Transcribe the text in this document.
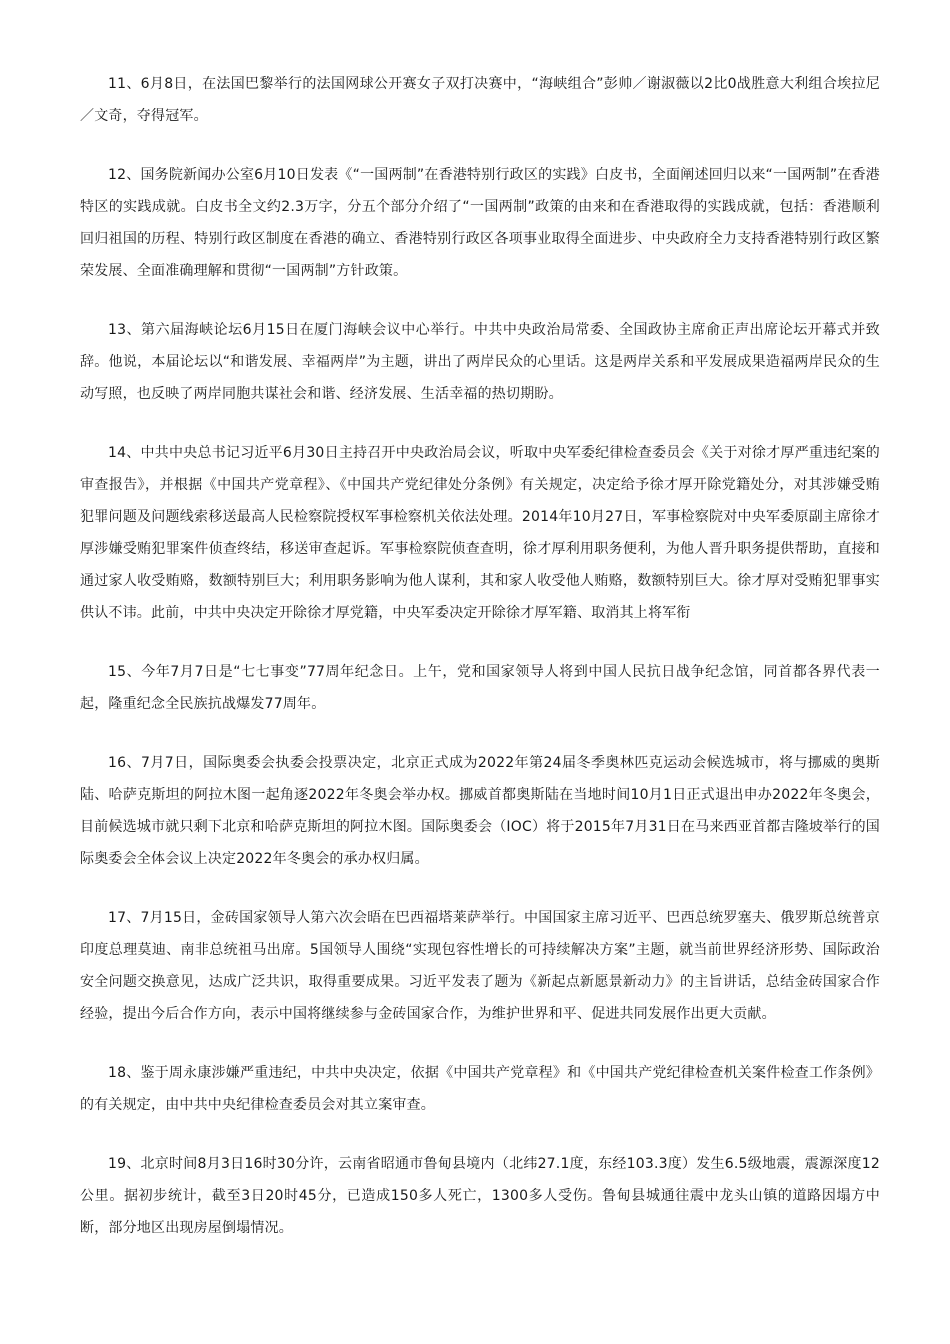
11、6月8日，在法国巴黎举行的法国网球公开赛女子双打决赛中，“海峡组合”彭帅／谢淑薇以2比0战胜意大利组合埃拉尼／文奇，夺得冠军。

12、国务院新闻办公室6月10日发表《“一国两制”在香港特别行政区的实践》白皮书，全面阐述回归以来“一国两制”在香港特区的实践成就。白皮书全文约2.3万字，分五个部分介绍了“一国两制”政策的由来和在香港取得的实践成就，包括：香港顺利回归祖国的历程、特别行政区制度在香港的确立、香港特别行政区各项事业取得全面进步、中央政府全力支持香港特别行政区繁荣发展、全面准确理解和贯彻“一国两制”方针政策。

13、第六届海峡论坛6月15日在厦门海峡会议中心举行。中共中央政治局常委、全国政协主席俞正声出席论坛开幕式并致辞。他说，本届论坛以“和谐发展、幸福两岸”为主题，讲出了两岸民众的心里话。这是两岸关系和平发展成果造福两岸民众的生动写照，也反映了两岸同胞共谋社会和谐、经济发展、生活幸福的热切期盼。

14、中共中央总书记习近平6月30日主持召开中央政治局会议，听取中央军委纪律检查委员会《关于对徐才厚严重违纪案的审查报告》，并根据《中国共产党章程》、《中国共产党纪律处分条例》有关规定，决定给予徐才厚开除党籍处分，对其涉嫌受贿犯罪问题及问题线索移送最高人民检察院授权军事检察机关依法处理。2014年10月27日，军事检察院对中央军委原副主席徐才厚涉嫌受贿犯罪案件侦查终结，移送审查起诉。军事检察院侦查查明，徐才厚利用职务便利，为他人晋升职务提供帮助，直接和通过家人收受贿赂，数额特别巨大；利用职务影响为他人谋利，其和家人收受他人贿赂，数额特别巨大。徐才厚对受贿犯罪事实供认不讳。此前，中共中央决定开除徐才厚党籍，中央军委决定开除徐才厚军籍、取消其上将军衔

15、今年7月7日是“七七事变”77周年纪念日。上午，党和国家领导人将到中国人民抗日战争纪念馆，同首都各界代表一起，隆重纪念全民族抗战爆发77周年。

16、7月7日，国际奥委会执委会投票决定，北京正式成为2022年第24届冬季奥林匹克运动会候选城市，将与挪威的奥斯陆、哈萨克斯坦的阿拉木图一起角逐2022年冬奥会举办权。挪威首都奥斯陆在当地时间10月1日正式退出申办2022年冬奥会，目前候选城市就只剩下北京和哈萨克斯坦的阿拉木图。国际奥委会（IOC）将于2015年7月31日在马来西亚首都吉隆坡举行的国际奥委会全体会议上决定2022年冬奥会的承办权归属。

17、7月15日，金砖国家领导人第六次会晤在巴西福塔莱萨举行。中国国家主席习近平、巴西总统罗塞夫、俄罗斯总统普京印度总理莫迪、南非总统祖马出席。5国领导人围绕“实现包容性增长的可持续解决方案”主题，就当前世界经济形势、国际政治安全问题交换意见，达成广泛共识，取得重要成果。习近平发表了题为《新起点新愿景新动力》的主旨讲话，总结金砖国家合作经验，提出今后合作方向，表示中国将继续参与金砖国家合作，为维护世界和平、促进共同发展作出更大贡献。

18、鉴于周永康涉嫌严重违纪，中共中央决定，依据《中国共产党章程》和《中国共产党纪律检查机关案件检查工作条例》的有关规定，由中共中央纪律检查委员会对其立案审查。

19、北京时间8月3日16时30分许，云南省昭通市鲁甸县境内（北纬27.1度，东经103.3度）发生6.5级地震，震源深度12公里。据初步统计，截至3日20时45分，已造成150多人死亡，1300多人受伤。鲁甸县城通往震中龙头山镇的道路因塌方中断，部分地区出现房屋倒塌情况。
